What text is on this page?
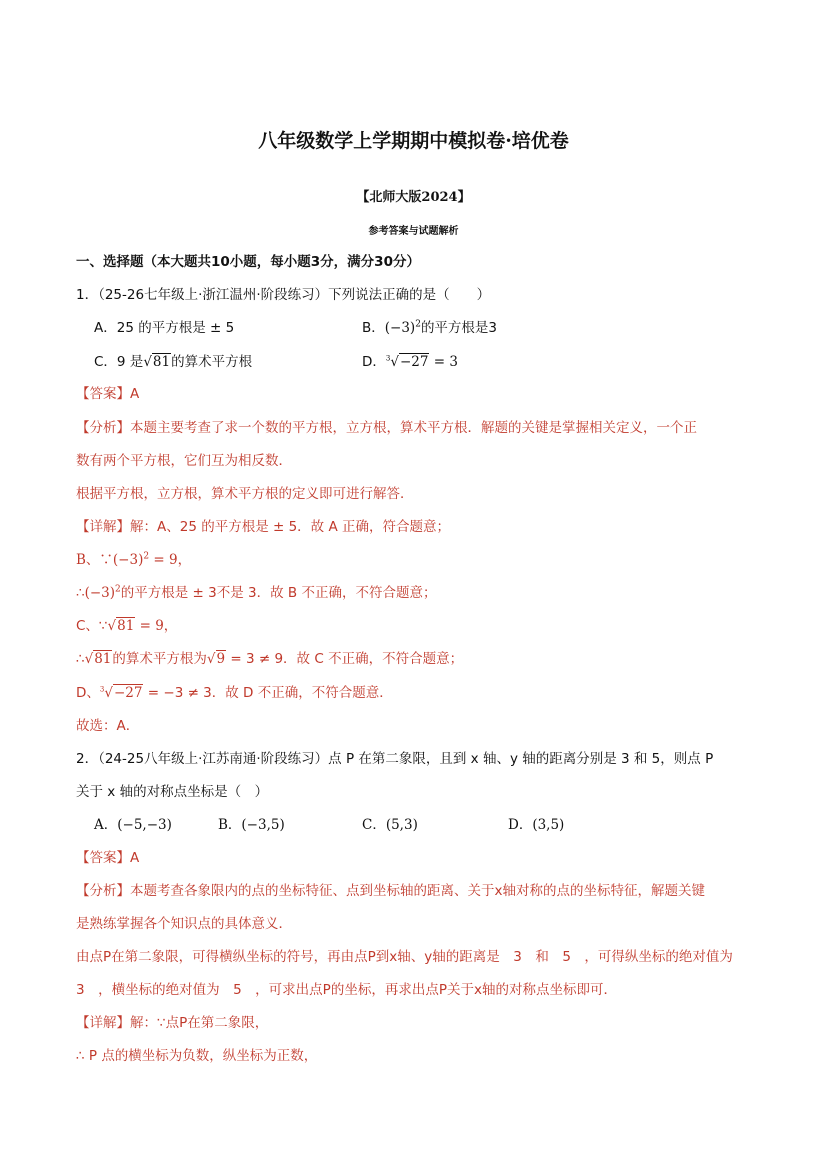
八年级数学上学期期中模拟卷·培优卷
【北师大版2024】
参考答案与试题解析
一、选择题（本大题共10小题，每小题3分，满分30分）
1．（25-26七年级上·浙江温州·阶段练习）下列说法正确的是（　　）
A．25 的平方根是 ± 5	B．$(-3)^2$的平方根是3
C．9 是√81的算术平方根	D．$^3$√−27 = 3
【答案】A
【分析】本题主要考查了求一个数的平方根，立方根，算术平方根．解题的关键是掌握相关定义，一个正
数有两个平方根，它们互为相反数．
根据平方根，立方根，算术平方根的定义即可进行解答．
【详解】解：A、25 的平方根是 ± 5．故 A 正确，符合题意；
B、$\because(-3)^2 = 9$，
$\therefore(-3)^2$的平方根是 ± 3不是 3．故 B 不正确，不符合题意；
C、∵√81 = 9，
∴√81的算术平方根为√9 = 3 ≠ 9．故 C 不正确，不符合题意；
D、$^3$√−27 = −3 ≠ 3．故 D 不正确，不符合题意．
故选：A．
2．（24-25八年级上·江苏南通·阶段练习）点 P 在第二象限，且到 x 轴、y 轴的距离分别是 3 和 5，则点 P
关于 x 轴的对称点坐标是（　）
A．(−5,−3)	B．(−3,5)	C．(5,3)	D．(3,5)
【答案】A
【分析】本题考查各象限内的点的坐标特征、点到坐标轴的距离、关于x轴对称的点的坐标特征，解题关键
是熟练掌握各个知识点的具体意义．
由点P在第二象限，可得横纵坐标的符号，再由点P到x轴、y轴的距离是　3　和　5　，可得纵坐标的绝对值为
3　，横坐标的绝对值为　5　，可求出点P的坐标，再求出点P关于x轴的对称点坐标即可．
【详解】解：∵点P在第二象限，
∴ P 点的横坐标为负数，纵坐标为正数，
